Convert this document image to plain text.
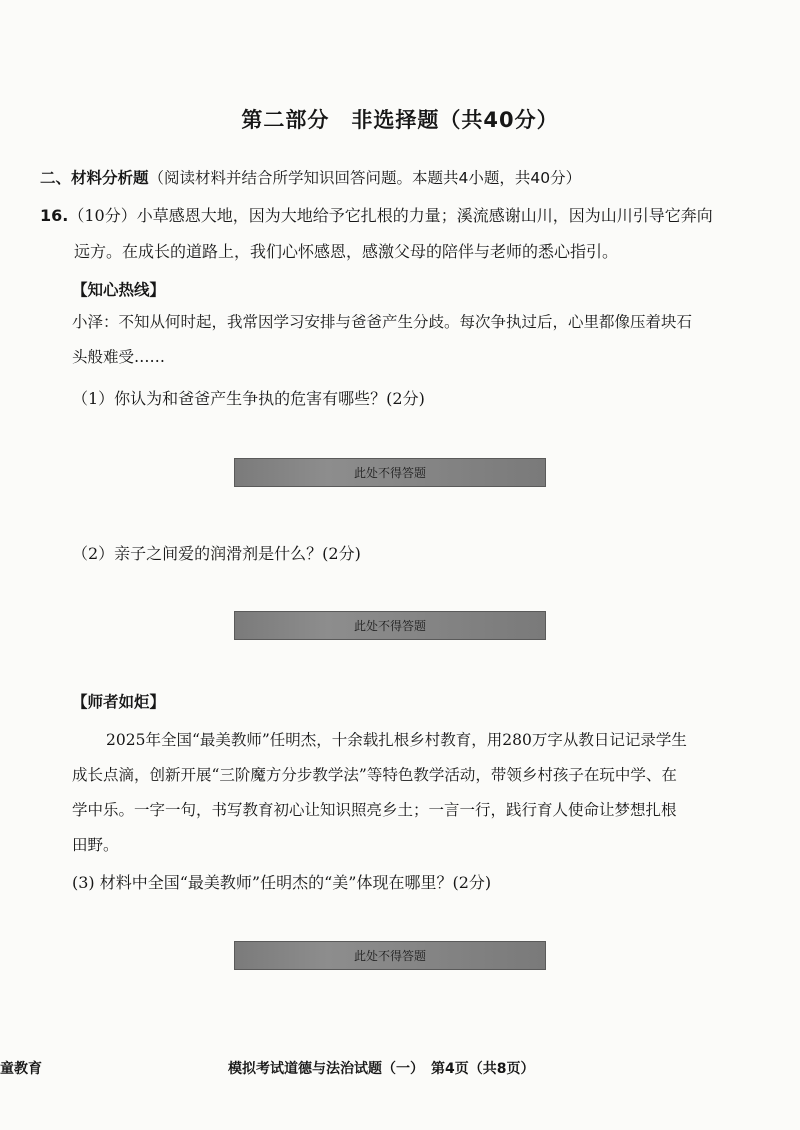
第二部分　非选择题（共40分）
二、材料分析题（阅读材料并结合所学知识回答问题。本题共4小题，共40分）
16.（10分）小草感恩大地，因为大地给予它扎根的力量；溪流感谢山川，因为山川引导它奔向
远方。在成长的道路上，我们心怀感恩，感激父母的陪伴与老师的悉心指引。
【知心热线】
小泽：不知从何时起，我常因学习安排与爸爸产生分歧。每次争执过后，心里都像压着块石
头般难受……
（1）你认为和爸爸产生争执的危害有哪些？(2分)
此处不得答题
（2）亲子之间爱的润滑剂是什么？(2分)
此处不得答题
【师者如炬】
2025年全国“最美教师”任明杰，十余载扎根乡村教育，用280万字从教日记记录学生
成长点滴，创新开展“三阶魔方分步教学法”等特色教学活动，带领乡村孩子在玩中学、在
学中乐。一字一句，书写教育初心让知识照亮乡土；一言一行，践行育人使命让梦想扎根
田野。
(3) 材料中全国“最美教师”任明杰的“美”体现在哪里？(2分)
此处不得答题
童教育	模拟考试道德与法治试题（一）　第4页（共8页）
